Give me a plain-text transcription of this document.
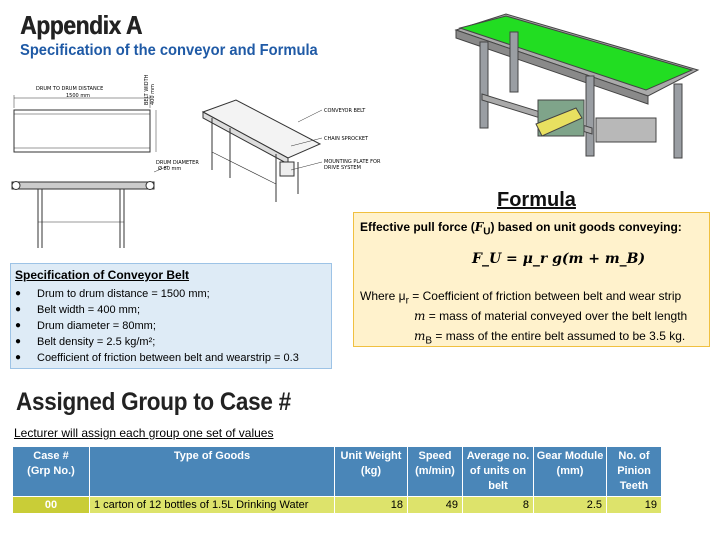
Appendix A
Specification of the conveyor and Formula
DRUM TO DRUM DISTANCE
1500 mm	BELT WIDTH 400 mm
DRUM DIAMETER
Ø 80 mm
CONVEYOR BELT
CHAIN SPROCKET
MOUNTING PLATE FOR
DRIVE SYSTEM
Specification of Conveyor Belt
●	Drum to drum distance = 1500 mm;
●	Belt width = 400 mm;
●	Drum diameter = 80mm;
●	Belt density = 2.5 kg/m²;
●	Coefficient of friction between belt and wearstrip = 0.3
Formula
Effective pull force $(F_U)$ based on unit goods conveying:
F_U = μ_r g(m + m_B)
Where $\mu_r$ = Coefficient of friction between belt and wear strip
m = mass of material conveyed over the belt length
$m_B$ = mass of the entire belt assumed to be 3.5 kg.
Assigned Group to Case #
Lecturer will assign each group one set of values
Case #
(Grp No.)	Type of Goods	Unit Weight
(kg)	Speed
(m/min)	Average no.
of units on
belt	Gear Module
(mm)	No. of
Pinion
Teeth
00	1 carton of 12 bottles of 1.5L Drinking Water	18	49	8	2.5	19
